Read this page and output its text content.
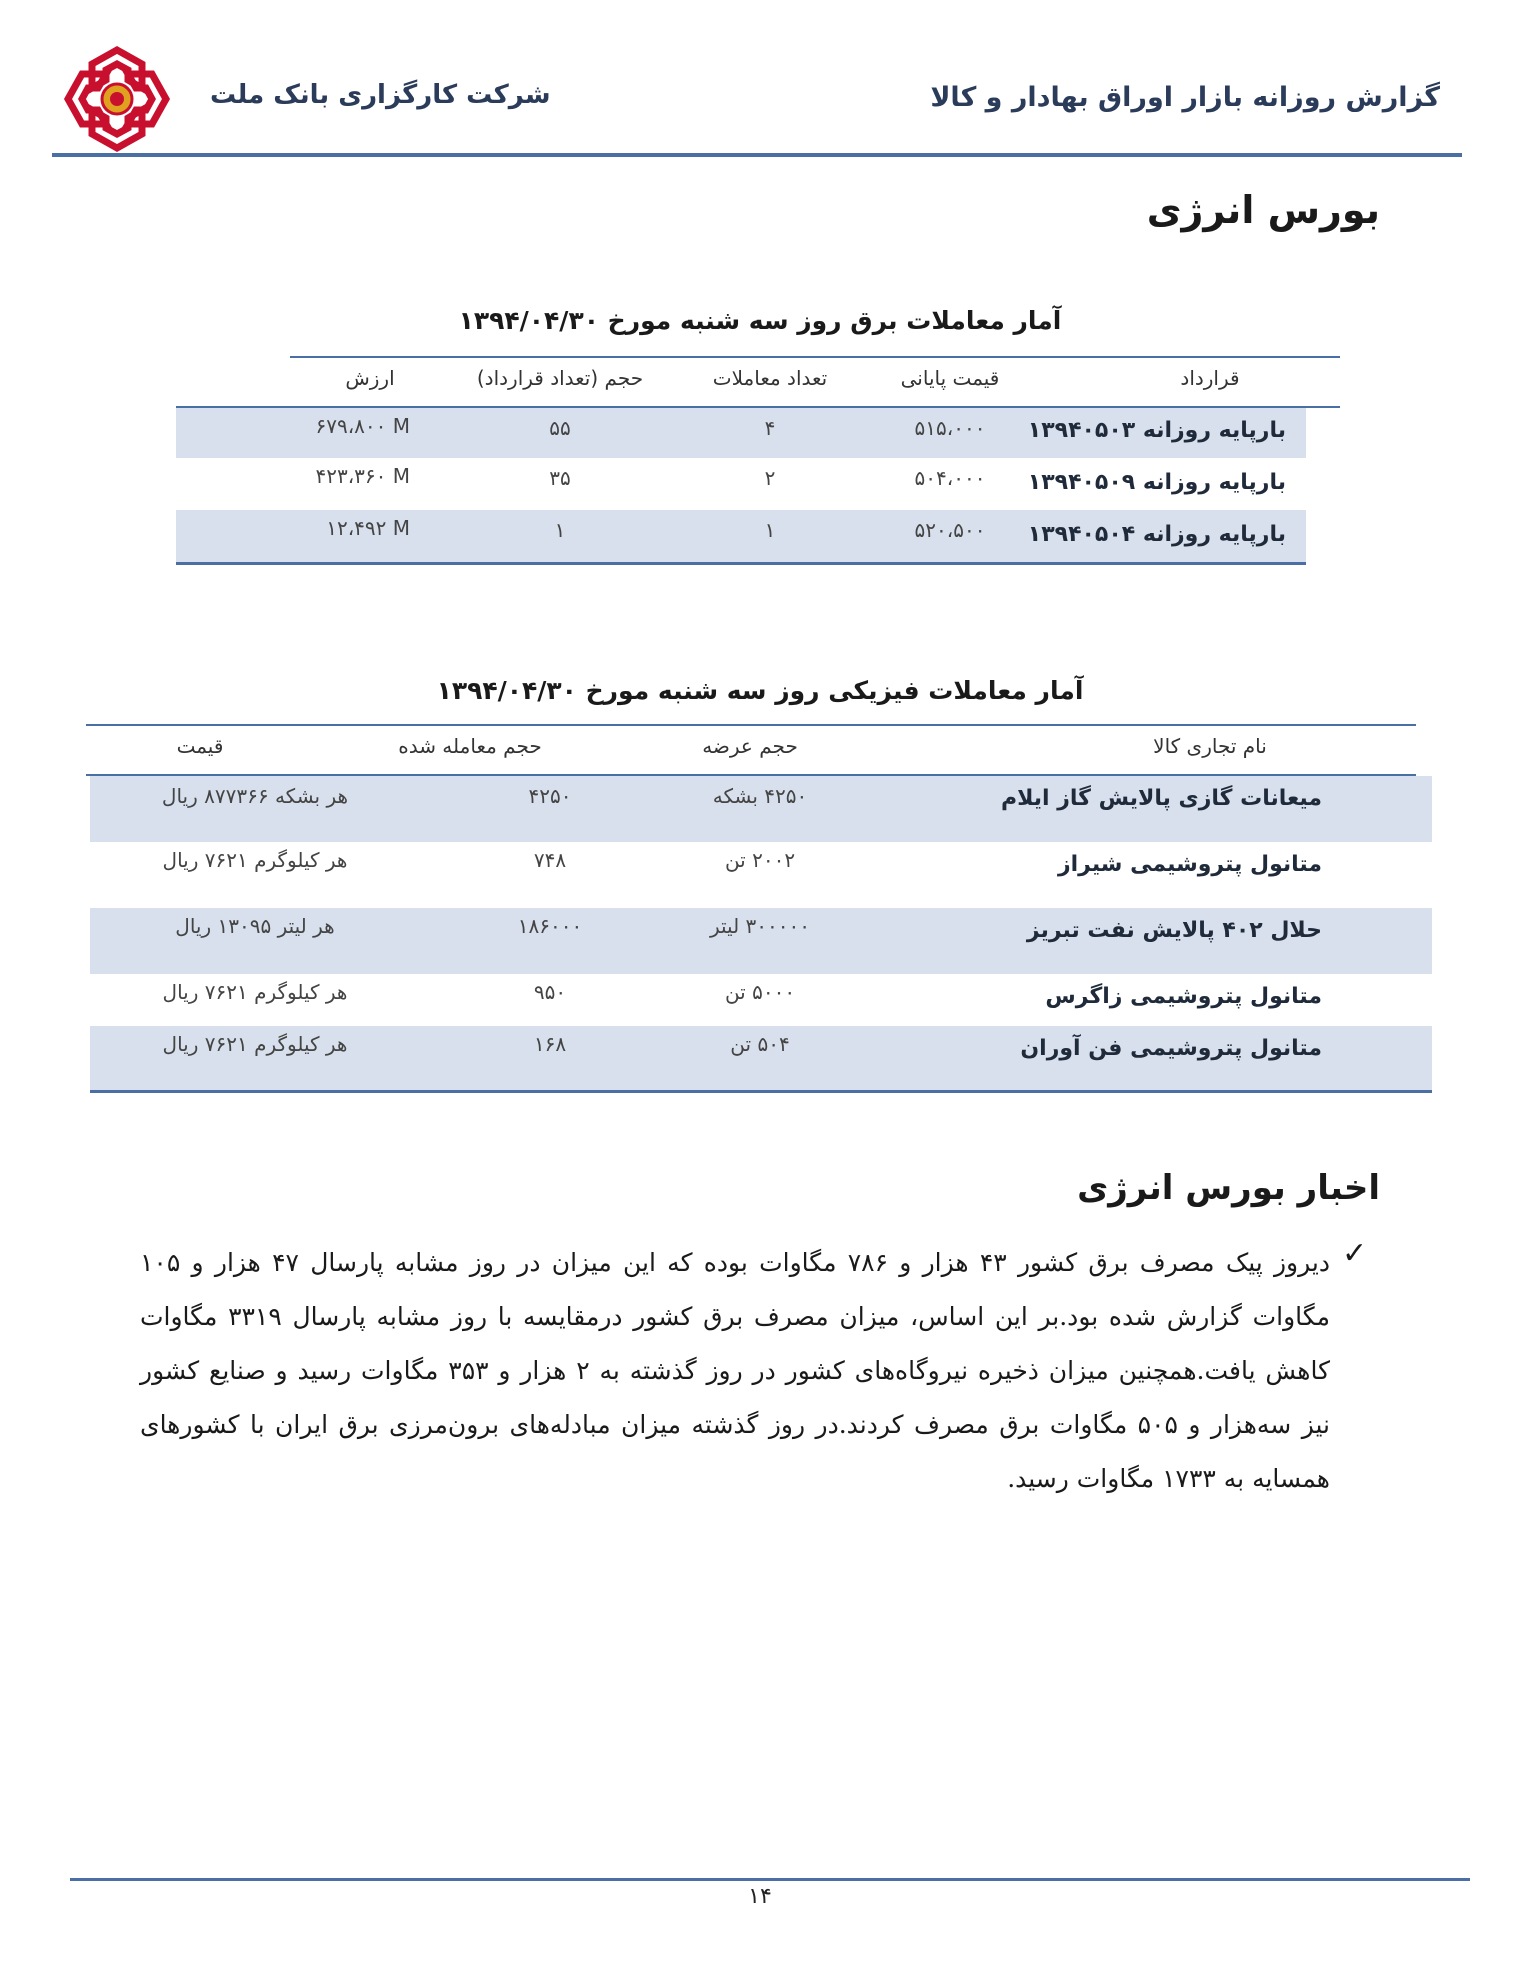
شرکت کارگزاری بانک ملت	گزارش روزانه بازار اوراق بهادار و کالا
بورس انرژی
آمار معاملات برق روز سه شنبه مورخ ۱۳۹۴/۰۴/۳۰
قرارداد
قیمت پایانی
تعداد معاملات
حجم (تعداد قرارداد)
ارزش
بارپایه روزانه ۱۳۹۴۰۵۰۳
۵۱۵،۰۰۰
۴
۵۵
۶۷۹،۸۰۰ M
بارپایه روزانه ۱۳۹۴۰۵۰۹
۵۰۴،۰۰۰
۲
۳۵
۴۲۳،۳۶۰ M
بارپایه روزانه ۱۳۹۴۰۵۰۴
۵۲۰،۵۰۰
۱
۱
۱۲،۴۹۲ M
آمار معاملات فیزیکی روز سه شنبه مورخ ۱۳۹۴/۰۴/۳۰
نام تجاری کالا
حجم عرضه
حجم معامله شده
قیمت
میعانات گازی پالایش گاز ایلام
۴۲۵۰ بشکه
۴۲۵۰
هر بشکه ۸۷۷۳۶۶ ریال
متانول پتروشیمی شیراز
۲۰۰۲ تن
۷۴۸
هر کیلوگرم ۷۶۲۱ ریال
حلال ۴۰۲ پالایش نفت تبریز
۳۰۰۰۰۰ لیتر
۱۸۶۰۰۰
هر لیتر ۱۳۰۹۵ ریال
متانول پتروشیمی زاگرس
۵۰۰۰ تن
۹۵۰
هر کیلوگرم ۷۶۲۱ ریال
متانول پتروشیمی فن آوران
۵۰۴ تن
۱۶۸
هر کیلوگرم ۷۶۲۱ ریال
اخبار بورس انرژی
✓
دیروز پیک مصرف برق کشور ۴۳ هزار و ۷۸۶ مگاوات بوده که این میزان در روز مشابه پارسال ۴۷ هزار و ۱۰۵ مگاوات گزارش شده بود.بر این اساس، میزان مصرف برق کشور درمقایسه با روز مشابه پارسال ۳۳۱۹ مگاوات کاهش یافت.همچنین میزان ذخیره نیروگاه‌های کشور در روز گذشته به ۲ هزار و ۳۵۳ مگاوات رسید و صنایع کشور نیز سه‌هزار و ۵۰۵ مگاوات برق مصرف کردند.در روز گذشته میزان مبادله‌های برون‌مرزی برق ایران با کشورهای همسایه به ۱۷۳۳ مگاوات رسید.
۱۴
